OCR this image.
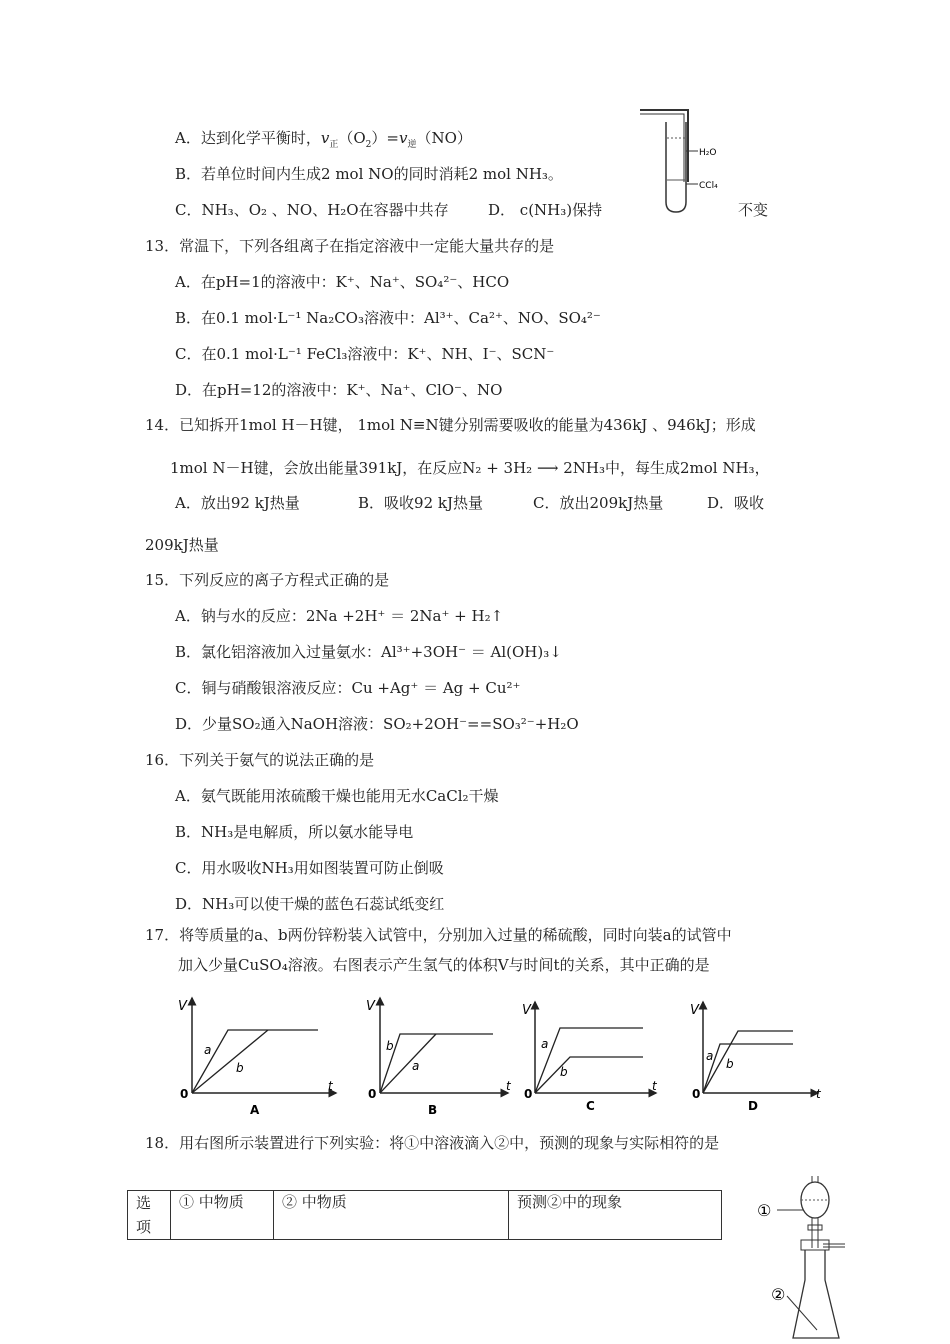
A．达到化学平衡时，$v_正(O_2)=v_逆(NO)$
B．若单位时间内生成2 mol NO的同时消耗2 mol NH₃。
C．NH₃、O₂ 、NO、H₂O在容器中共存	D． c(NH₃)保持	不变
H₂O
CCl₄
13．常温下，下列各组离子在指定溶液中一定能大量共存的是
A．在pH=1的溶液中：K⁺、Na⁺、SO₄²⁻、HCO
B．在0.1 mol·L⁻¹ Na₂CO₃溶液中：Al³⁺、Ca²⁺、NO、SO₄²⁻
C．在0.1 mol·L⁻¹ FeCl₃溶液中：K⁺、NH、I⁻、SCN⁻
D．在pH=12的溶液中：K⁺、Na⁺、ClO⁻、NO
14．已知拆开1mol H－H键， 1mol N≡N键分别需要吸收的能量为436kJ 、946kJ；形成
1mol N－H键，会放出能量391kJ，在反应N₂ + 3H₂ ⟶ 2NH₃中，每生成2mol NH₃，
A．放出92 kJ热量	B．吸收92 kJ热量	C．放出209kJ热量	D．吸收
209kJ热量
15．下列反应的离子方程式正确的是
A．钠与水的反应：2Na +2H⁺ ＝ 2Na⁺ + H₂↑
B．氯化铝溶液加入过量氨水：Al³⁺+3OH⁻ ＝ Al(OH)₃↓
C．铜与硝酸银溶液反应：Cu +Ag⁺ ＝ Ag + Cu²⁺
D．少量SO₂通入NaOH溶液：SO₂+2OH⁻==SO₃²⁻+H₂O
16．下列关于氨气的说法正确的是
A．氨气既能用浓硫酸干燥也能用无水CaCl₂干燥
B．NH₃是电解质，所以氨水能导电
C．用水吸收NH₃用如图装置可防止倒吸
D．NH₃可以使干燥的蓝色石蕊试纸变红
17．将等质量的a、b两份锌粉装入试管中，分别加入过量的稀硫酸，同时向装a的试管中
加入少量CuSO₄溶液。右图表示产生氢气的体积V与时间t的关系，其中正确的是
V
0
t
a
b
A
V
0
t
b
a
B
V
0
t
a
b
C
V
0	t
a
b
D
18．用右图所示装置进行下列实验：将①中溶液滴入②中，预测的现象与实际相符的是
选项	① 中物质	② 中物质	预测②中的现象	①
②
